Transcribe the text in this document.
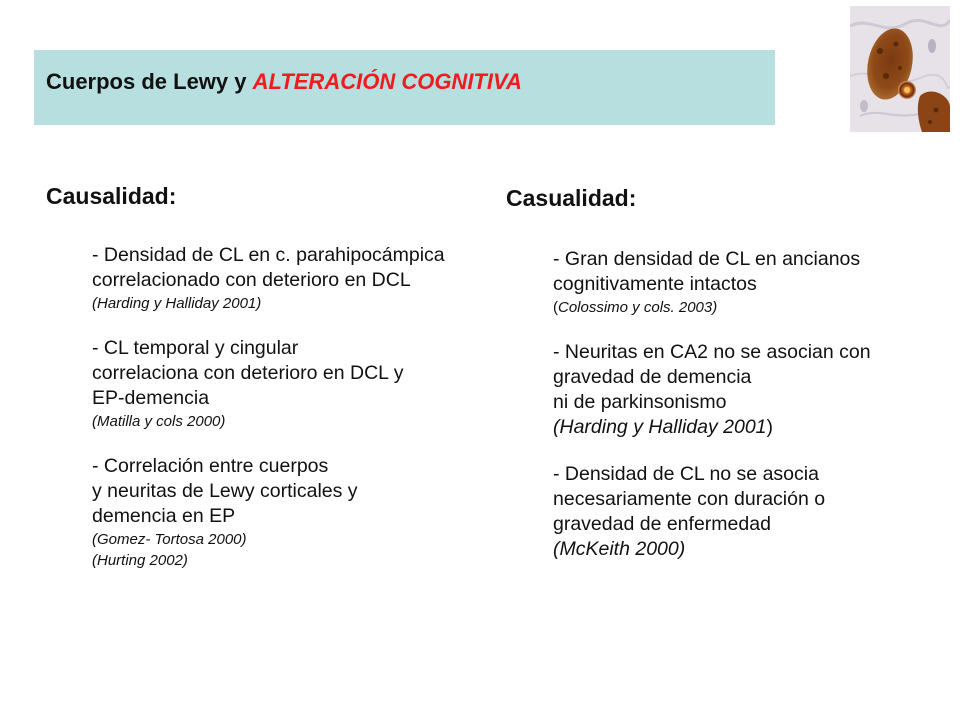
Cuerpos de Lewy y ALTERACIÓN COGNITIVA
Causalidad:
- Densidad de CL en c. parahipocámpica
correlacionado con deterioro en DCL
(Harding y Halliday 2001)
- CL temporal y cingular
correlaciona con deterioro en DCL y
EP-demencia
(Matilla y cols 2000)
- Correlación entre cuerpos
y neuritas de Lewy corticales y
demencia en EP
(Gomez- Tortosa 2000)
(Hurting 2002)
Casualidad:
- Gran densidad de CL en ancianos
cognitivamente intactos
(Colossimo y cols. 2003)
- Neuritas en CA2 no se asocian con
gravedad de demencia
ni de parkinsonismo
(Harding y Halliday 2001)
- Densidad de CL no se asocia
necesariamente con duración o
gravedad de enfermedad
(McKeith 2000)
